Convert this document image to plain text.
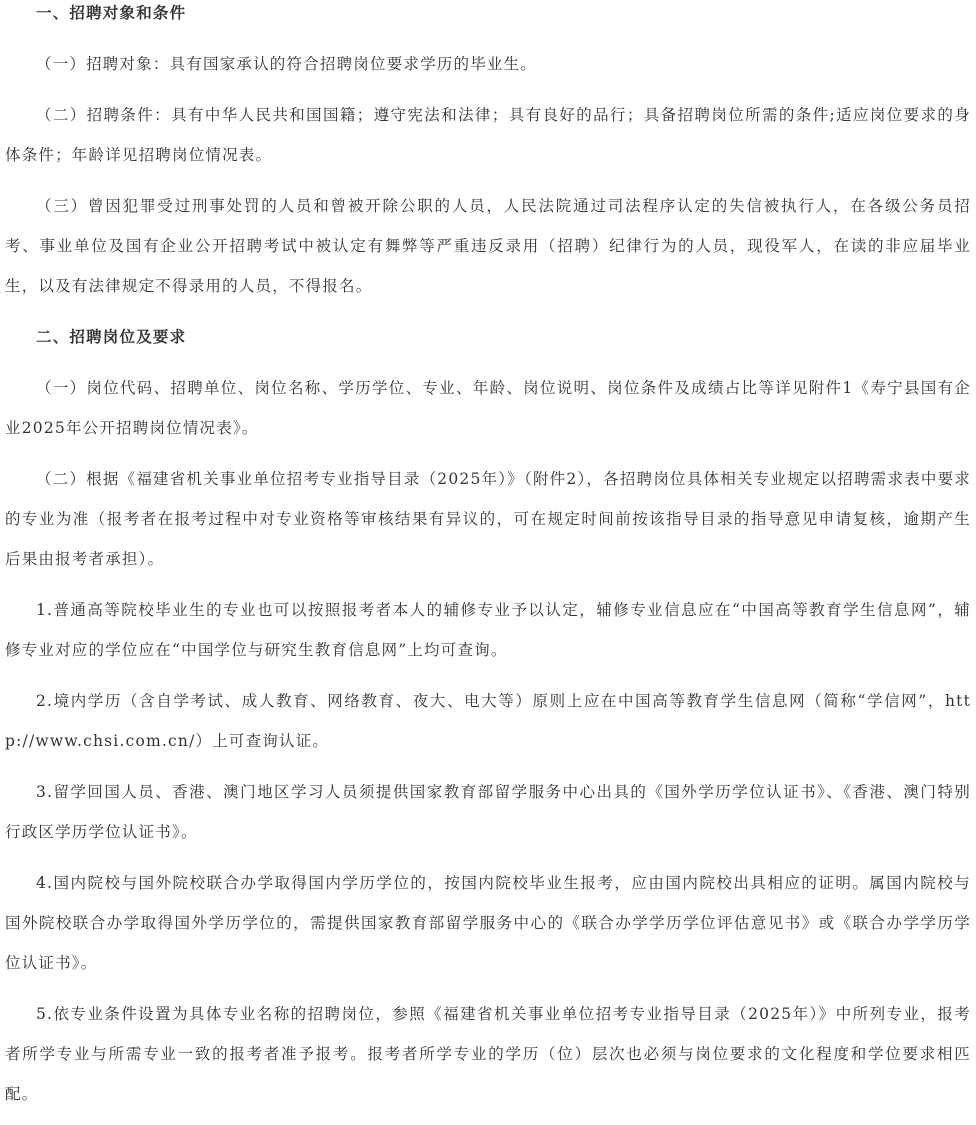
一、招聘对象和条件

（一）招聘对象：具有国家承认的符合招聘岗位要求学历的毕业生。

（二）招聘条件：具有中华人民共和国国籍；遵守宪法和法律；具有良好的品行；具备招聘岗位所需的条件;适应岗位要求的身体条件；年龄详见招聘岗位情况表。

（三）曾因犯罪受过刑事处罚的人员和曾被开除公职的人员，人民法院通过司法程序认定的失信被执行人，在各级公务员招考、事业单位及国有企业公开招聘考试中被认定有舞弊等严重违反录用（招聘）纪律行为的人员，现役军人，在读的非应届毕业生，以及有法律规定不得录用的人员，不得报名。

二、招聘岗位及要求

（一）岗位代码、招聘单位、岗位名称、学历学位、专业、年龄、岗位说明、岗位条件及成绩占比等详见附件1《寿宁县国有企业2025年公开招聘岗位情况表》。

（二）根据《福建省机关事业单位招考专业指导目录（2025年）》（附件2），各招聘岗位具体相关专业规定以招聘需求表中要求的专业为准（报考者在报考过程中对专业资格等审核结果有异议的，可在规定时间前按该指导目录的指导意见申请复核，逾期产生后果由报考者承担）。

1.普通高等院校毕业生的专业也可以按照报考者本人的辅修专业予以认定，辅修专业信息应在“中国高等教育学生信息网”，辅修专业对应的学位应在“中国学位与研究生教育信息网”上均可查询。

2.境内学历（含自学考试、成人教育、网络教育、夜大、电大等）原则上应在中国高等教育学生信息网（简称“学信网”，http://www.chsi.com.cn/）上可查询认证。

3.留学回国人员、香港、澳门地区学习人员须提供国家教育部留学服务中心出具的《国外学历学位认证书》、《香港、澳门特别行政区学历学位认证书》。

4.国内院校与国外院校联合办学取得国内学历学位的，按国内院校毕业生报考，应由国内院校出具相应的证明。属国内院校与国外院校联合办学取得国外学历学位的，需提供国家教育部留学服务中心的《联合办学学历学位评估意见书》或《联合办学学历学位认证书》。

5.依专业条件设置为具体专业名称的招聘岗位，参照《福建省机关事业单位招考专业指导目录（2025年）》中所列专业，报考者所学专业与所需专业一致的报考者准予报考。报考者所学专业的学历（位）层次也必须与岗位要求的文化程度和学位要求相匹配。
